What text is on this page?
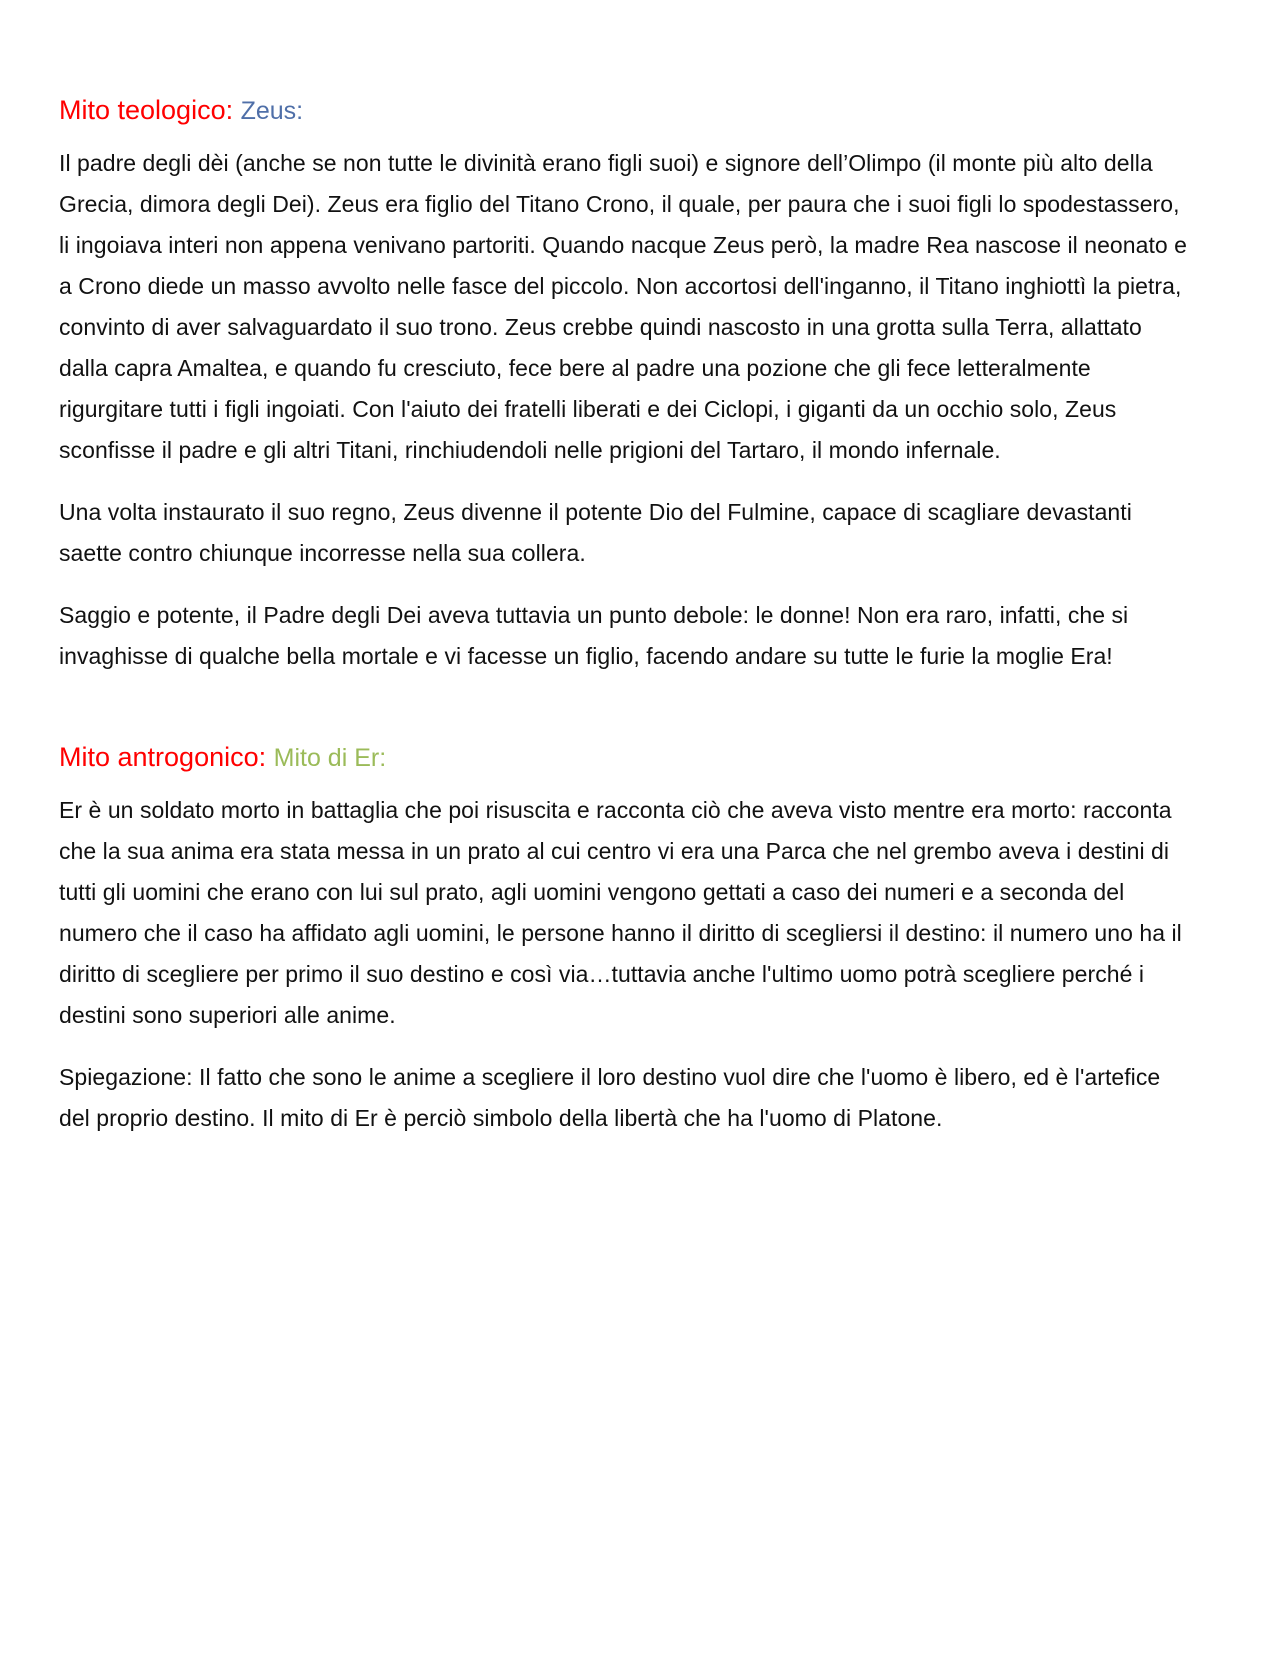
Mito teologico: Zeus:

Il padre degli dèi (anche se non tutte le divinità erano figli suoi) e signore dell’Olimpo (il monte più alto della Grecia, dimora degli Dei). Zeus era figlio del Titano Crono, il quale, per paura che i suoi figli lo spodestassero, li ingoiava interi non appena venivano partoriti. Quando nacque Zeus però, la madre Rea nascose il neonato e a Crono diede un masso avvolto nelle fasce del piccolo. Non accortosi dell'inganno, il Titano inghiottì la pietra, convinto di aver salvaguardato il suo trono. Zeus crebbe quindi nascosto in una grotta sulla Terra, allattato dalla capra Amaltea, e quando fu cresciuto, fece bere al padre una pozione che gli fece letteralmente rigurgitare tutti i figli ingoiati. Con l'aiuto dei fratelli liberati e dei Ciclopi, i giganti da un occhio solo, Zeus sconfisse il padre e gli altri Titani, rinchiudendoli nelle prigioni del Tartaro, il mondo infernale.

Una volta instaurato il suo regno, Zeus divenne il potente Dio del Fulmine, capace di scagliare devastanti saette contro chiunque incorresse nella sua collera.

Saggio e potente, il Padre degli Dei aveva tuttavia un punto debole: le donne! Non era raro, infatti, che si invaghisse di qualche bella mortale e vi facesse un figlio, facendo andare su tutte le furie la moglie Era!

Mito antrogonico: Mito di Er:

Er è un soldato morto in battaglia che poi risuscita e racconta ciò che aveva visto mentre era morto: racconta che la sua anima era stata messa in un prato al cui centro vi era una Parca che nel grembo aveva i destini di tutti gli uomini che erano con lui sul prato, agli uomini vengono gettati a caso dei numeri e a seconda del numero che il caso ha affidato agli uomini, le persone hanno il diritto di scegliersi il destino: il numero uno ha il diritto di scegliere per primo il suo destino e così via…tuttavia anche l'ultimo uomo potrà scegliere perché i destini sono superiori alle anime.

Spiegazione: Il fatto che sono le anime a scegliere il loro destino vuol dire che l'uomo è libero, ed è l'artefice del proprio destino. Il mito di Er è perciò simbolo della libertà che ha l'uomo di Platone.
